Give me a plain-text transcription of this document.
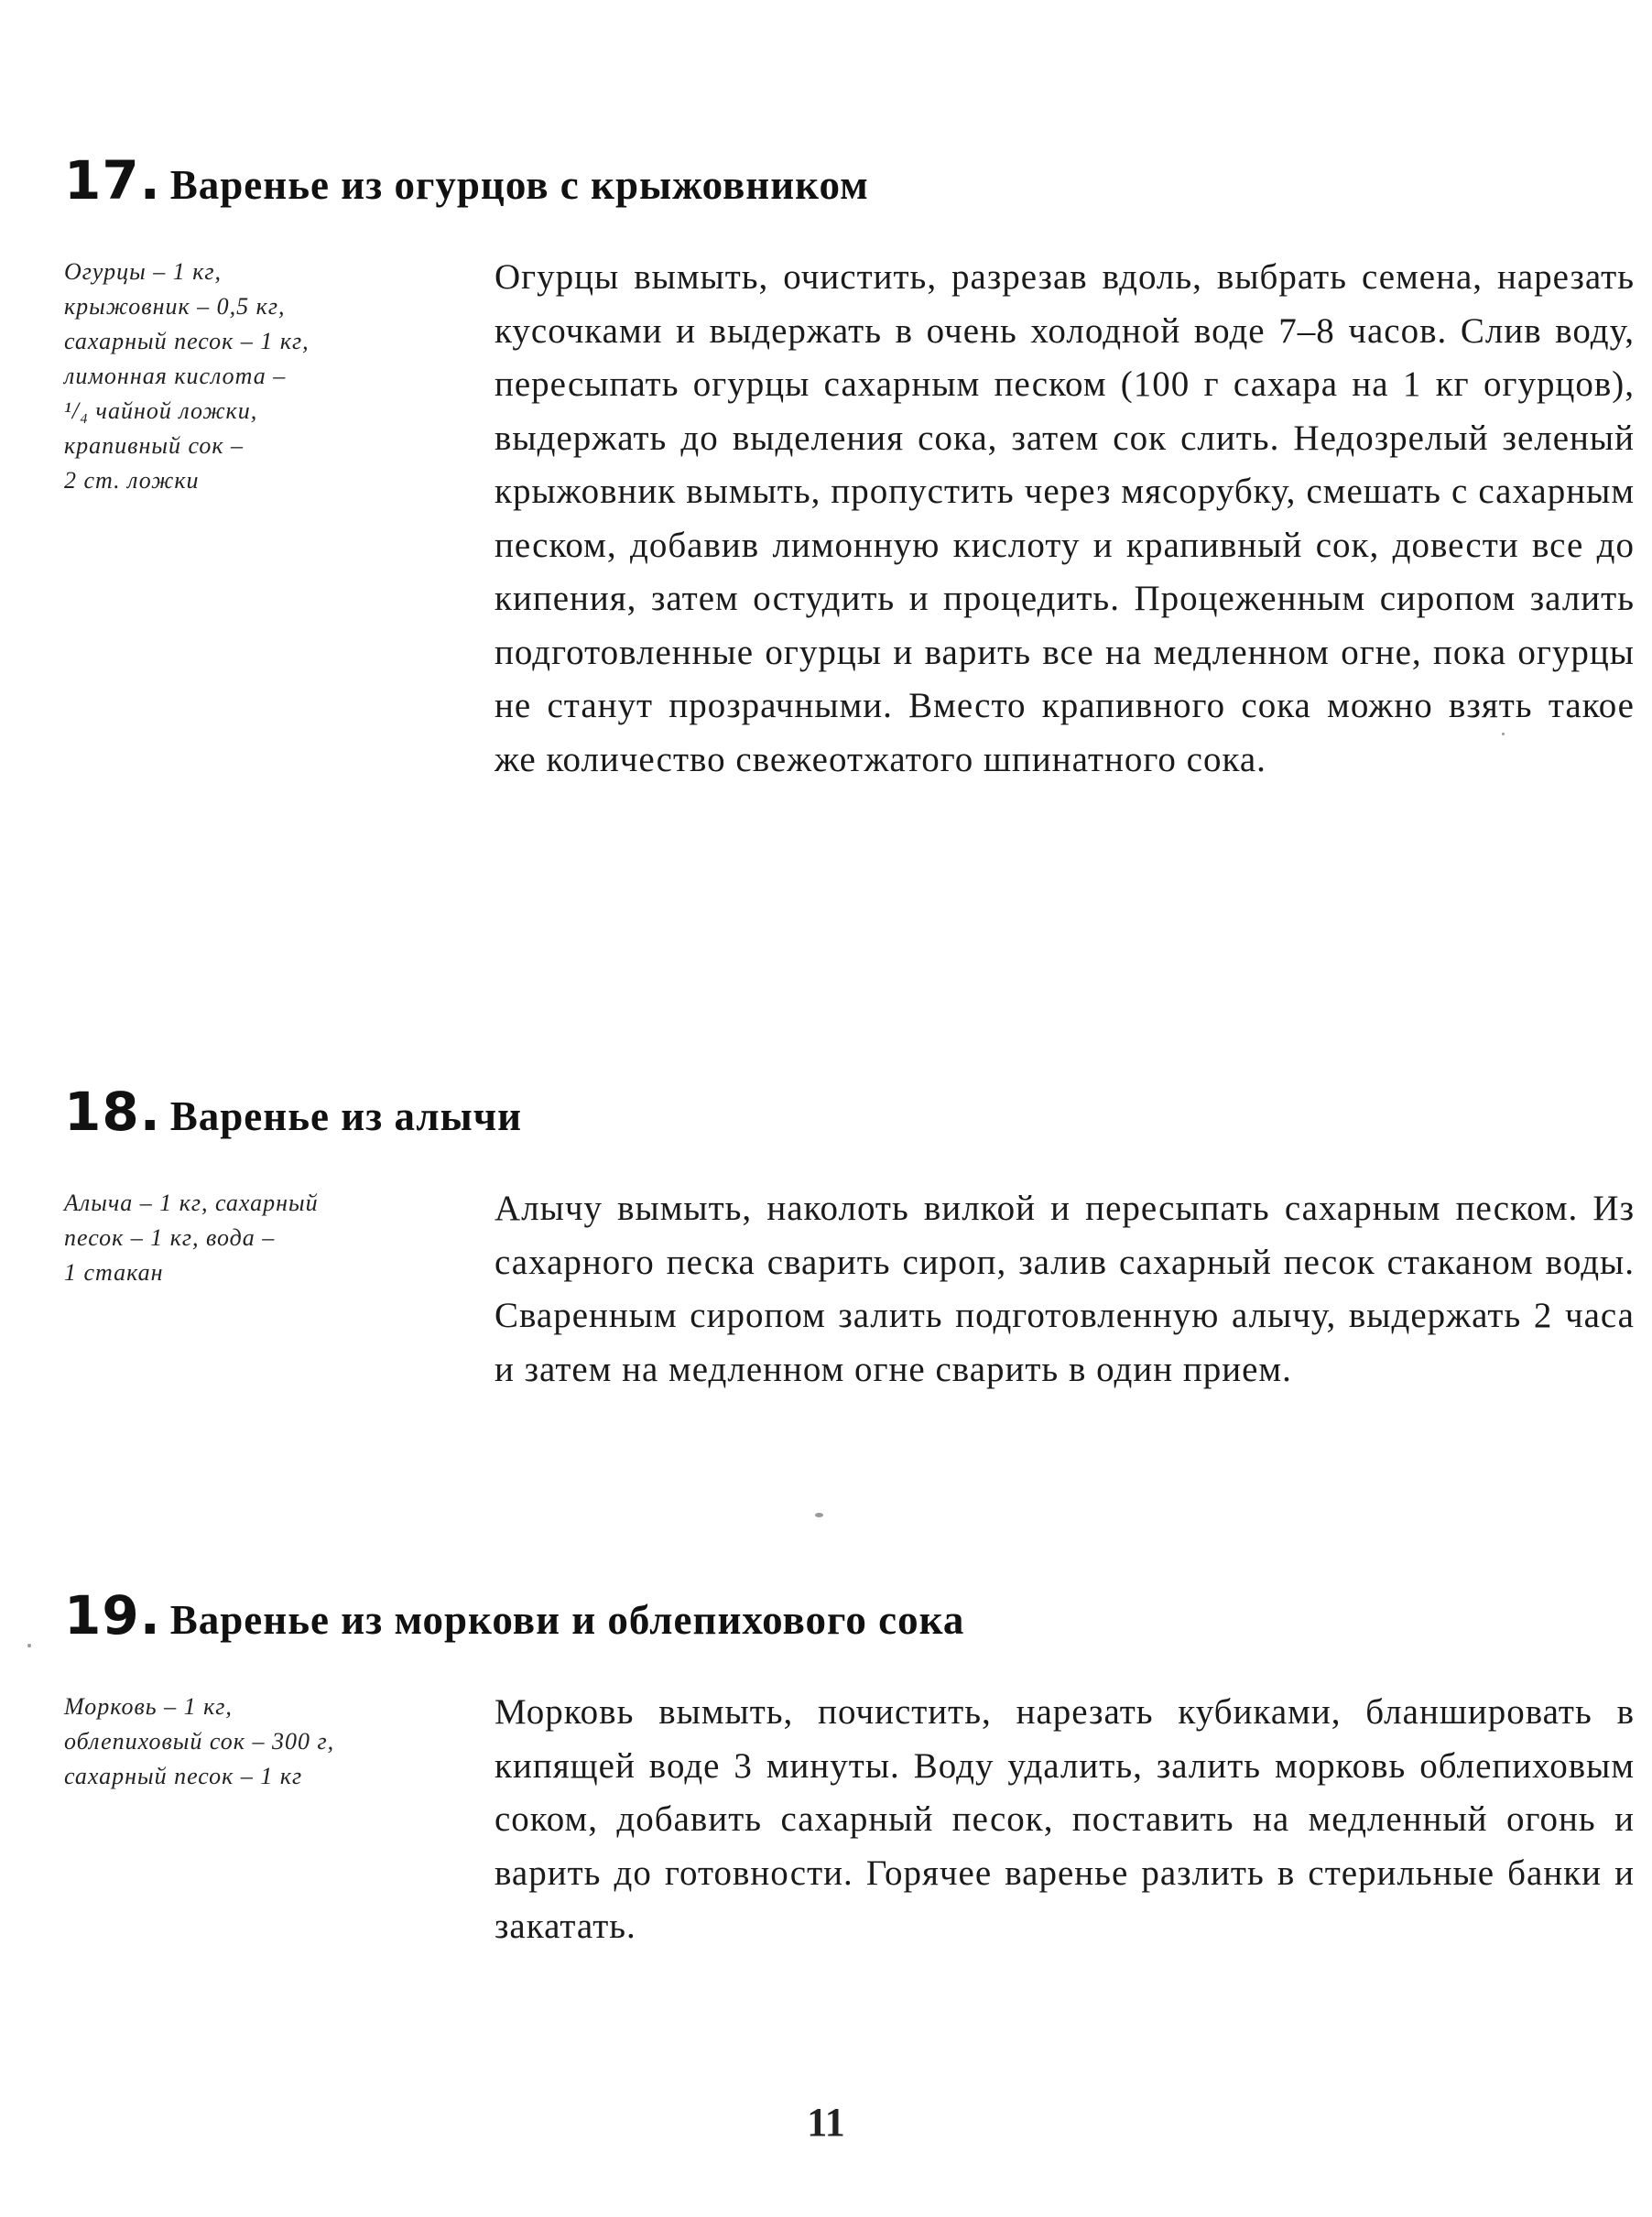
17. Варенье из огурцов с крыжовником
Огурцы – 1 кг,
крыжовник – 0,5 кг,
сахарный песок – 1 кг,
лимонная кислота –
¹/₄ чайной ложки,
крапивный сок –
2 ст. ложки

Огурцы вымыть, очистить, разрезав вдоль, выбрать семена, нарезать кусочками и выдержать в очень холодной воде 7–8 часов. Слив воду, пересыпать огурцы сахарным песком (100 г сахара на 1 кг огурцов), выдержать до выделения сока, затем сок слить. Недозрелый зеленый крыжовник вымыть, пропустить через мясорубку, смешать с сахарным песком, добавив лимонную кислоту и крапивный сок, довести все до кипения, затем остудить и процедить. Процеженным сиропом залить подготовленные огурцы и варить все на медленном огне, пока огурцы не станут прозрачными. Вместо крапивного сока можно взять такое же количество свежеотжатого шпинатного сока.

18. Варенье из алычи
Алыча – 1 кг, сахарный
песок – 1 кг, вода –
1 стакан

Алычу вымыть, наколоть вилкой и пересыпать сахарным песком. Из сахарного песка сварить сироп, залив сахарный песок стаканом воды. Сваренным сиропом залить подготовленную алычу, выдержать 2 часа и затем на медленном огне сварить в один прием.

19. Варенье из моркови и облепихового сока
Морковь – 1 кг,
облепиховый сок – 300 г,
сахарный песок – 1 кг

Морковь вымыть, почистить, нарезать кубиками, бланшировать в кипящей воде 3 минуты. Воду удалить, залить морковь облепиховым соком, добавить сахарный песок, поставить на медленный огонь и варить до готовности. Горячее варенье разлить в стерильные банки и закатать.

11
